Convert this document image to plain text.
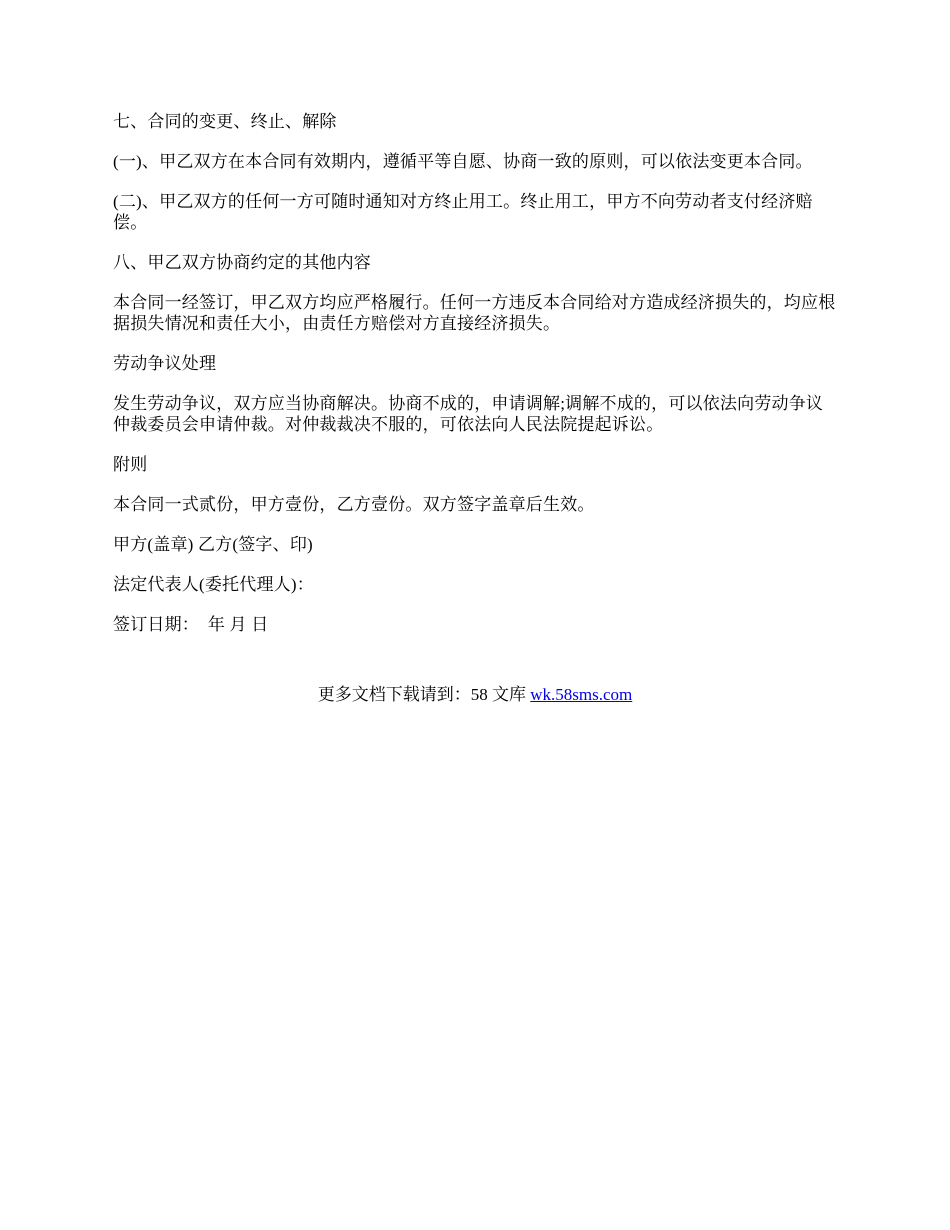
七、合同的变更、终止、解除

(一)、甲乙双方在本合同有效期内，遵循平等自愿、协商一致的原则，可以依法变更本合同。

(二)、甲乙双方的任何一方可随时通知对方终止用工。终止用工，甲方不向劳动者支付经济赔偿。

八、甲乙双方协商约定的其他内容

本合同一经签订，甲乙双方均应严格履行。任何一方违反本合同给对方造成经济损失的，均应根据损失情况和责任大小，由责任方赔偿对方直接经济损失。

劳动争议处理

发生劳动争议，双方应当协商解决。协商不成的，申请调解;调解不成的，可以依法向劳动争议仲裁委员会申请仲裁。对仲裁裁决不服的，可依法向人民法院提起诉讼。

附则

本合同一式贰份，甲方壹份，乙方壹份。双方签字盖章后生效。

甲方(盖章) 乙方(签字、印)

法定代表人(委托代理人)：

签订日期：  年 月 日

更多文档下载请到：58 文库 wk.58sms.com
